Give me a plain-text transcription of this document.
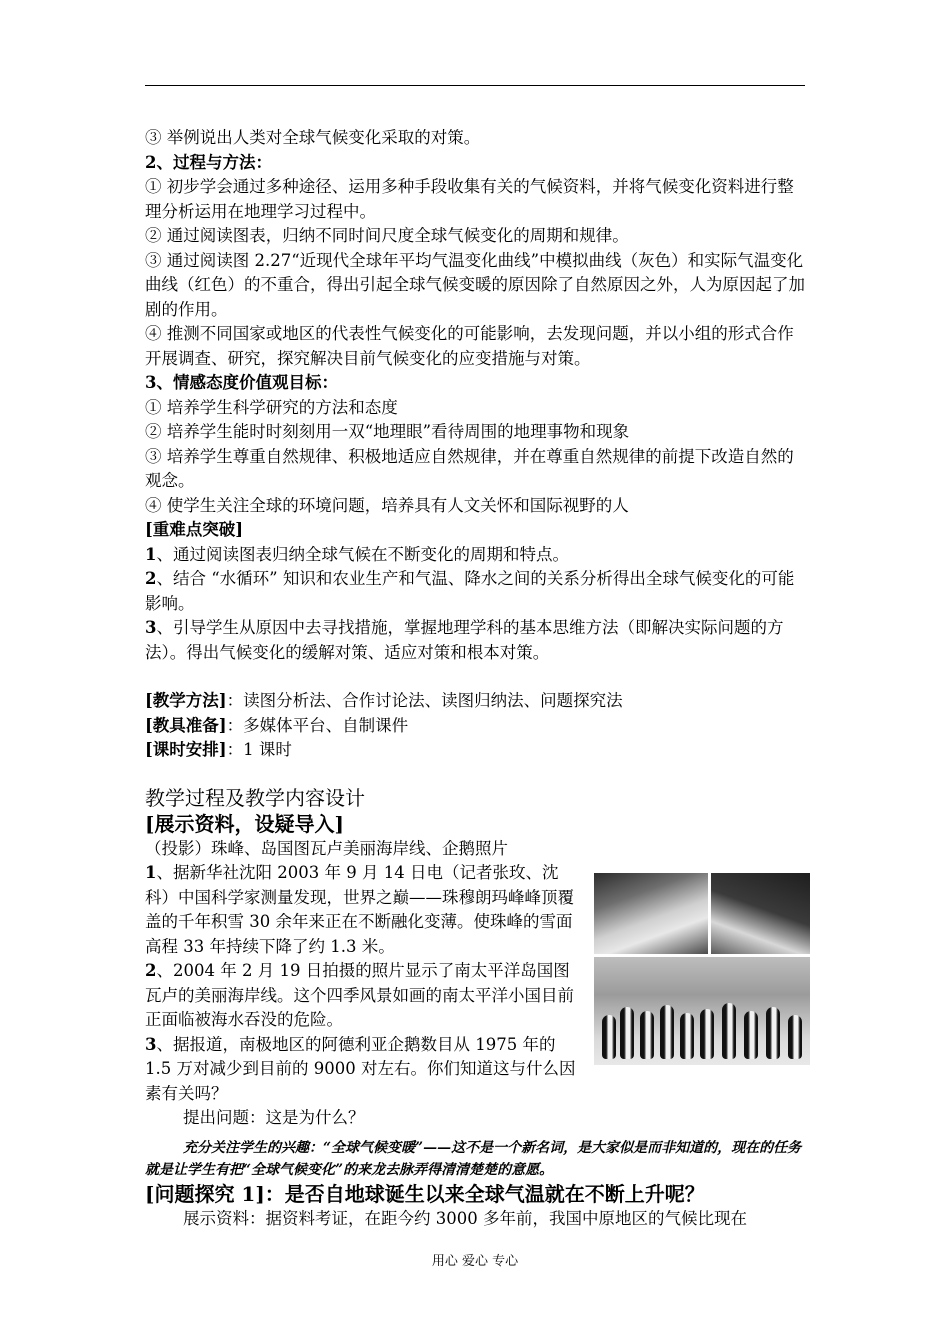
③ 举例说出人类对全球气候变化采取的对策。

2、过程与方法：

① 初步学会通过多种途径、运用多种手段收集有关的气候资料，并将气候变化资料进行整理分析运用在地理学习过程中。

② 通过阅读图表，归纳不同时间尺度全球气候变化的周期和规律。

③ 通过阅读图 2.27“近现代全球年平均气温变化曲线”中模拟曲线（灰色）和实际气温变化曲线（红色）的不重合，得出引起全球气候变暖的原因除了自然原因之外，人为原因起了加剧的作用。

④ 推测不同国家或地区的代表性气候变化的可能影响，去发现问题，并以小组的形式合作开展调查、研究，探究解决目前气候变化的应变措施与对策。

3、情感态度价值观目标：

① 培养学生科学研究的方法和态度

② 培养学生能时时刻刻用一双“地理眼”看待周围的地理事物和现象

③ 培养学生尊重自然规律、积极地适应自然规律，并在尊重自然规律的前提下改造自然的观念。

④ 使学生关注全球的环境问题，培养具有人文关怀和国际视野的人

[重难点突破]

1、通过阅读图表归纳全球气候在不断变化的周期和特点。

2、结合 “水循环” 知识和农业生产和气温、降水之间的关系分析得出全球气候变化的可能影响。

3、引导学生从原因中去寻找措施，掌握地理学科的基本思维方法（即解决实际问题的方法）。得出气候变化的缓解对策、适应对策和根本对策。

[教学方法]：读图分析法、合作讨论法、读图归纳法、问题探究法

[教具准备]：多媒体平台、自制课件

[课时安排]：1 课时

教学过程及教学内容设计

[展示资料，设疑导入]

（投影）珠峰、岛国图瓦卢美丽海岸线、企鹅照片

1、据新华社沈阳 2003 年 9 月 14 日电（记者张玫、沈科）中国科学家测量发现，世界之巅——珠穆朗玛峰峰顶覆盖的千年积雪 30 余年来正在不断融化变薄。使珠峰的雪面高程 33 年持续下降了约 1.3 米。

2、2004 年 2 月 19 日拍摄的照片显示了南太平洋岛国图瓦卢的美丽海岸线。这个四季风景如画的南太平洋小国目前正面临被海水吞没的危险。

3、据报道，南极地区的阿德利亚企鹅数目从 1975 年的 1.5 万对减少到目前的 9000 对左右。你们知道这与什么因素有关吗？

提出问题：这是为什么？

充分关注学生的兴趣：“全球气候变暖”——这不是一个新名词，是大家似是而非知道的，现在的任务就是让学生有把“全球气候变化”的来龙去脉弄得清清楚楚的意愿。

[问题探究 1]：是否自地球诞生以来全球气温就在不断上升呢？

展示资料：据资料考证，在距今约 3000 多年前，我国中原地区的气候比现在

用心 爱心 专心
